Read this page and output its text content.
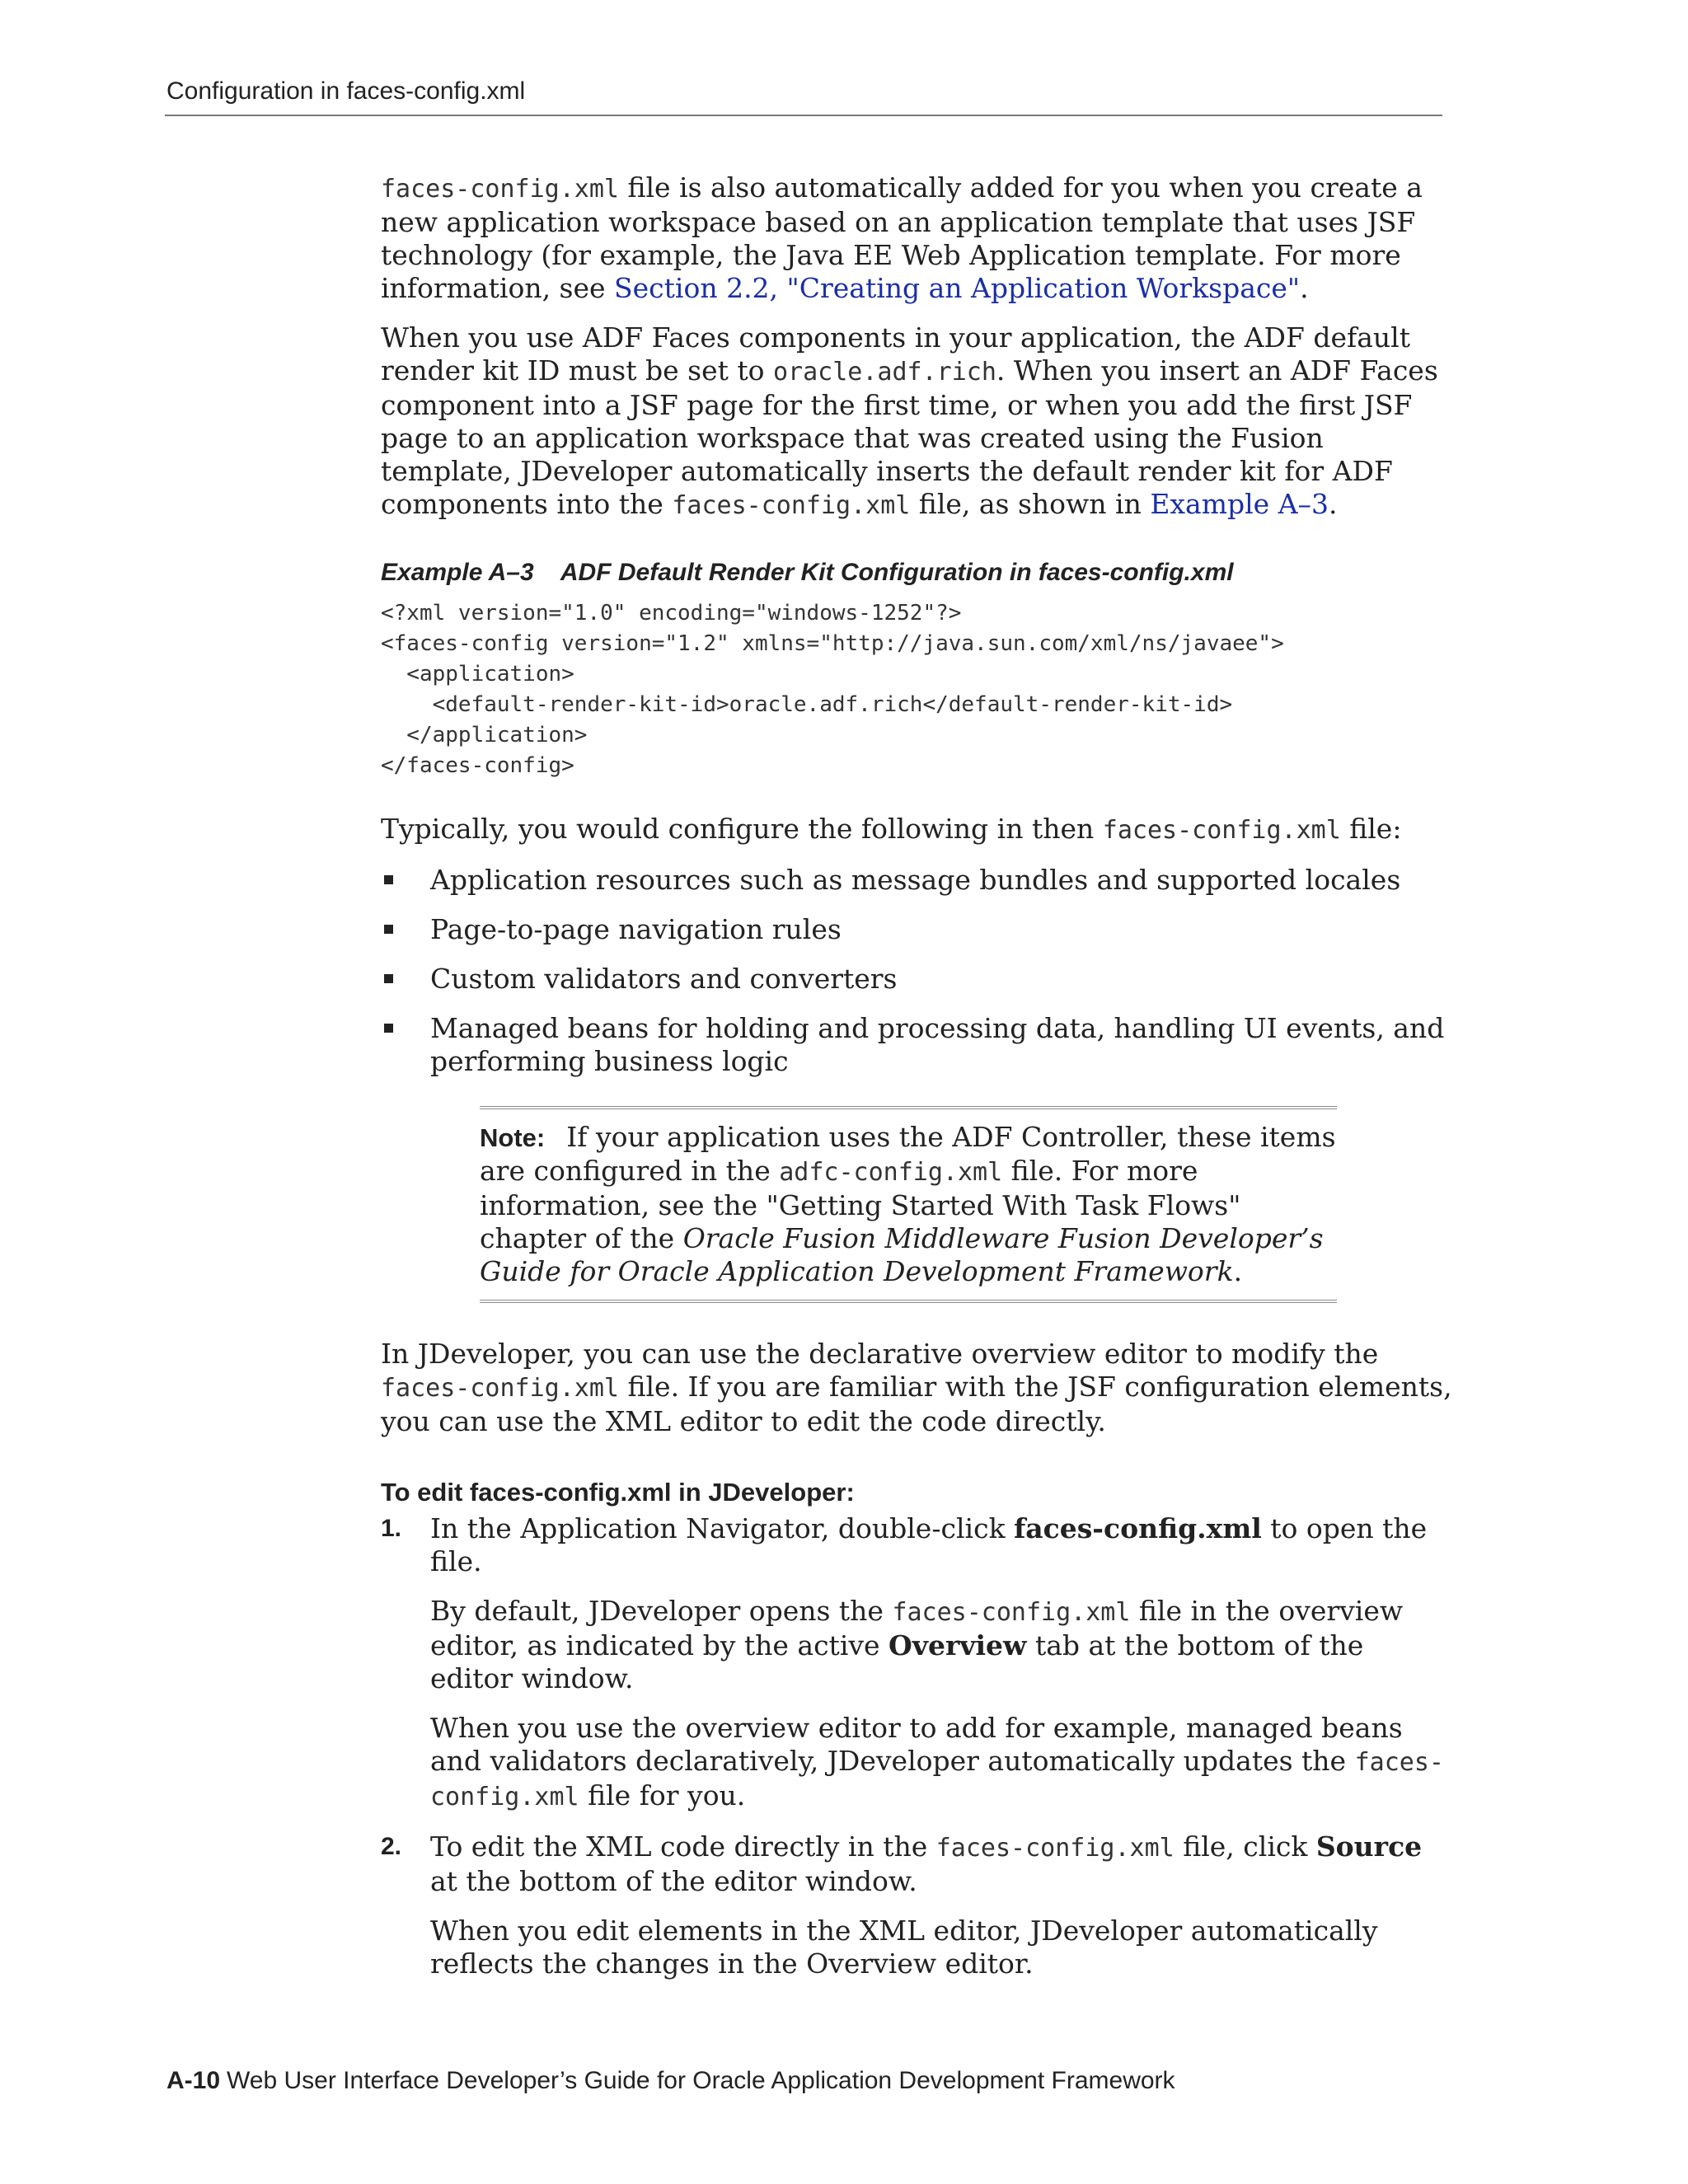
Configuration in faces-config.xml

faces-config.xml file is also automatically added for you when you create a new application workspace based on an application template that uses JSF technology (for example, the Java EE Web Application template. For more information, see Section 2.2, "Creating an Application Workspace".

When you use ADF Faces components in your application, the ADF default render kit ID must be set to oracle.adf.rich. When you insert an ADF Faces component into a JSF page for the first time, or when you add the first JSF page to an application workspace that was created using the Fusion template, JDeveloper automatically inserts the default render kit for ADF components into the faces-config.xml file, as shown in Example A–3.

Example A–3    ADF Default Render Kit Configuration in faces-config.xml
<?xml version="1.0" encoding="windows-1252"?>
<faces-config version="1.2" xmlns="http://java.sun.com/xml/ns/javaee">
<application>
<default-render-kit-id>oracle.adf.rich</default-render-kit-id>
</application>
</faces-config>

Typically, you would configure the following in then faces-config.xml file:

Application resources such as message bundles and supported locales
Page-to-page navigation rules
Custom validators and converters
Managed beans for holding and processing data, handling UI events, and performing business logic

Note: If your application uses the ADF Controller, these items are configured in the adfc-config.xml file. For more information, see the "Getting Started With Task Flows" chapter of the Oracle Fusion Middleware Fusion Developer’s Guide for Oracle Application Development Framework.

In JDeveloper, you can use the declarative overview editor to modify the faces-config.xml file. If you are familiar with the JSF configuration elements, you can use the XML editor to edit the code directly.

To edit faces-config.xml in JDeveloper:
1. In the Application Navigator, double-click faces-config.xml to open the file.

By default, JDeveloper opens the faces-config.xml file in the overview editor, as indicated by the active Overview tab at the bottom of the editor window.

When you use the overview editor to add for example, managed beans and validators declaratively, JDeveloper automatically updates the faces-config.xml file for you.

2. To edit the XML code directly in the faces-config.xml file, click Source at the bottom of the editor window.

When you edit elements in the XML editor, JDeveloper automatically reflects the changes in the Overview editor.

A-10 Web User Interface Developer’s Guide for Oracle Application Development Framework
